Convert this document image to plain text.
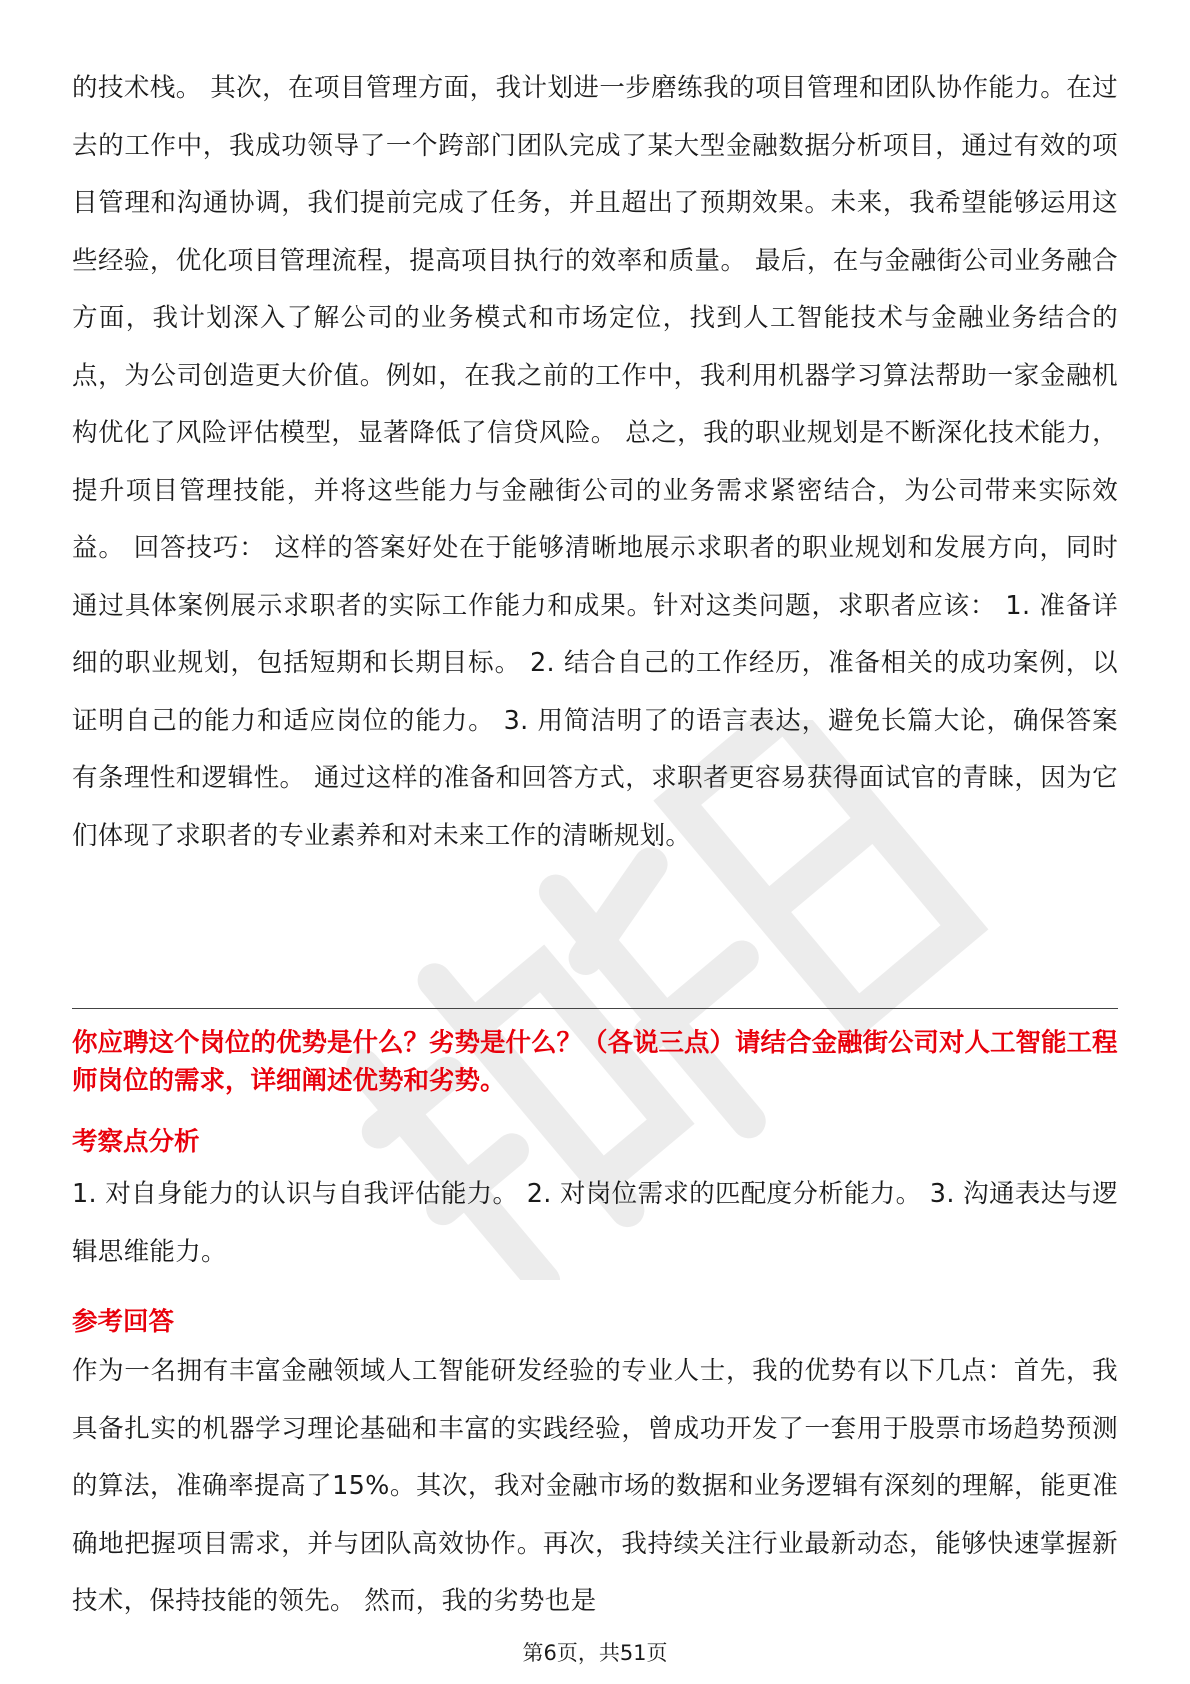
的技术栈。 其次，在项目管理方面，我计划进一步磨练我的项目管理和团队协作能力。在过去的工作中，我成功领导了一个跨部门团队完成了某大型金融数据分析项目，通过有效的项目管理和沟通协调，我们提前完成了任务，并且超出了预期效果。未来，我希望能够运用这些经验，优化项目管理流程，提高项目执行的效率和质量。 最后，在与金融街公司业务融合方面，我计划深入了解公司的业务模式和市场定位，找到人工智能技术与金融业务结合的点，为公司创造更大价值。例如，在我之前的工作中，我利用机器学习算法帮助一家金融机构优化了风险评估模型，显著降低了信贷风险。 总之，我的职业规划是不断深化技术能力，提升项目管理技能，并将这些能力与金融街公司的业务需求紧密结合，为公司带来实际效益。 回答技巧： 这样的答案好处在于能够清晰地展示求职者的职业规划和发展方向，同时通过具体案例展示求职者的实际工作能力和成果。针对这类问题，求职者应该： 1. 准备详细的职业规划，包括短期和长期目标。 2. 结合自己的工作经历，准备相关的成功案例，以证明自己的能力和适应岗位的能力。 3. 用简洁明了的语言表达，避免长篇大论，确保答案有条理性和逻辑性。 通过这样的准备和回答方式，求职者更容易获得面试官的青睐，因为它们体现了求职者的专业素养和对未来工作的清晰规划。

你应聘这个岗位的优势是什么？劣势是什么？（各说三点）请结合金融街公司对人工智能工程师岗位的需求，详细阐述优势和劣势。

考察点分析

1. 对自身能力的认识与自我评估能力。 2. 对岗位需求的匹配度分析能力。 3. 沟通表达与逻辑思维能力。

参考回答

作为一名拥有丰富金融领域人工智能研发经验的专业人士，我的优势有以下几点：首先，我具备扎实的机器学习理论基础和丰富的实践经验，曾成功开发了一套用于股票市场趋势预测的算法，准确率提高了15%。其次，我对金融市场的数据和业务逻辑有深刻的理解，能更准确地把握项目需求，并与团队高效协作。再次，我持续关注行业最新动态，能够快速掌握新技术，保持技能的领先。 然而，我的劣势也是

第6页，共51页
